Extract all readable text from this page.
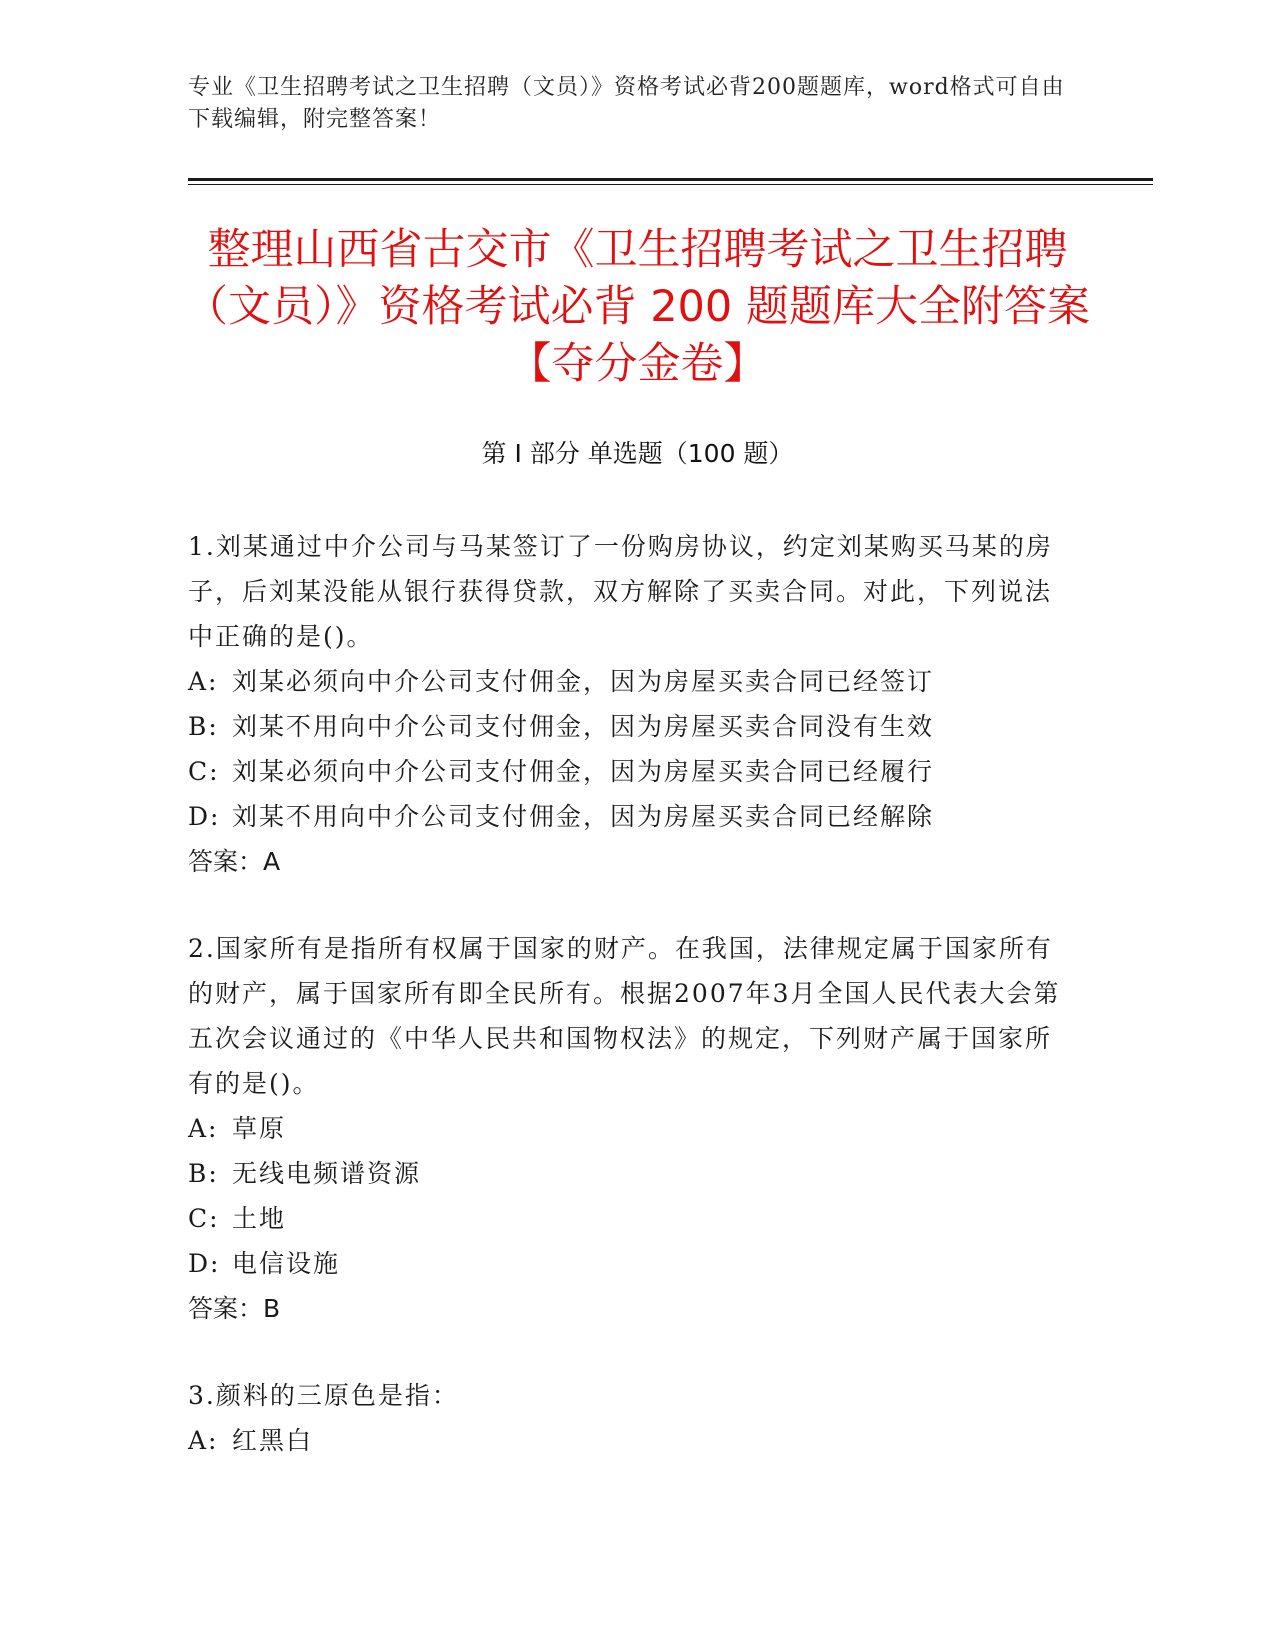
专业《卫生招聘考试之卫生招聘（文员）》资格考试必背200题题库，word格式可自由下载编辑，附完整答案！
整理山西省古交市《卫生招聘考试之卫生招聘（文员）》资格考试必背 200 题题库大全附答案【夺分金卷】
第 I 部分 单选题（100 题）

1.刘某通过中介公司与马某签订了一份购房协议，约定刘某购买马某的房子，后刘某没能从银行获得贷款，双方解除了买卖合同。对此，下列说法中正确的是()。

A: 刘某必须向中介公司支付佣金，因为房屋买卖合同已经签订
B: 刘某不用向中介公司支付佣金，因为房屋买卖合同没有生效
C: 刘某必须向中介公司支付佣金，因为房屋买卖合同已经履行
D: 刘某不用向中介公司支付佣金，因为房屋买卖合同已经解除

答案：A

2.国家所有是指所有权属于国家的财产。在我国，法律规定属于国家所有的财产，属于国家所有即全民所有。根据2007年3月全国人民代表大会第五次会议通过的《中华人民共和国物权法》的规定，下列财产属于国家所有的是()。

A: 草原
B: 无线电频谱资源
C: 土地
D: 电信设施

答案：B

3.颜料的三原色是指：

A: 红黑白
